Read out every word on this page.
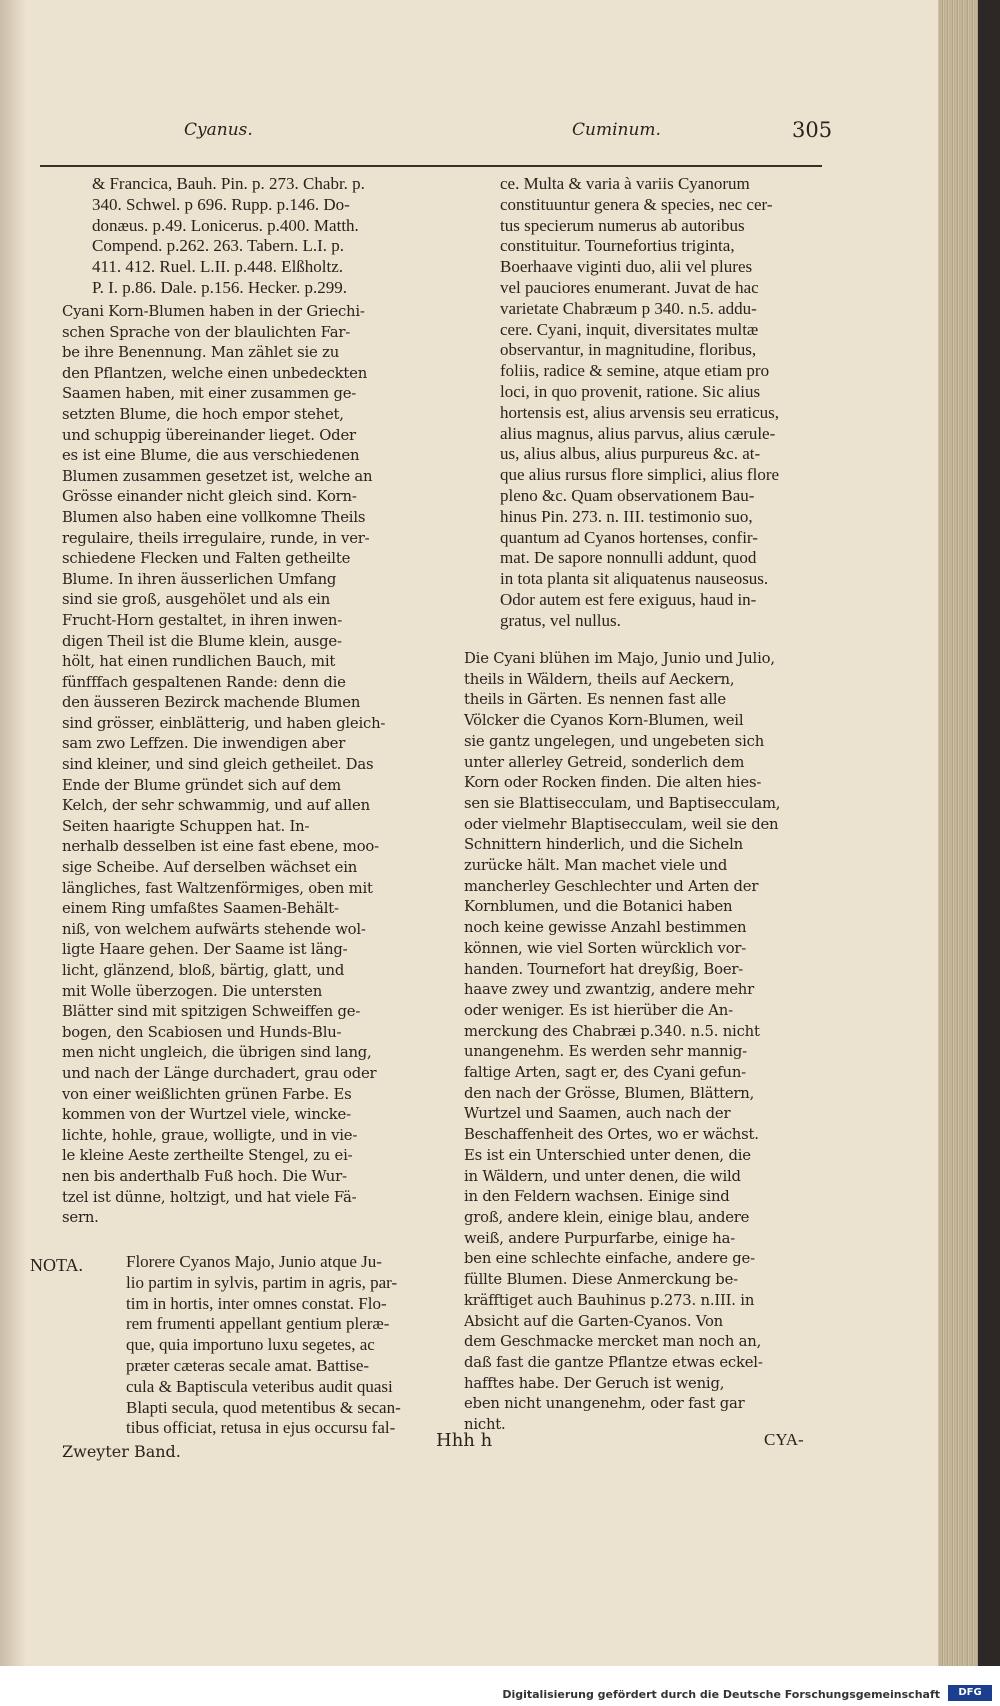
Cyanus.	Cuminum.	305

& Francica, Bauh. Pin. p. 273. Chabr. p.

340. Schwel. p 696. Rupp. p.146. Do-

donæus. p.49. Lonicerus. p.400. Matth.

Compend. p.262. 263. Tabern. L.I. p.

411. 412. Ruel. L.II. p.448. Elßholtz.

P. I. p.86. Dale. p.156. Hecker. p.299.

Cyani Korn-Blumen haben in der Griechi-

schen Sprache von der blaulichten Far-

be ihre Benennung. Man zählet sie zu

den Pflantzen, welche einen unbedeckten

Saamen haben, mit einer zusammen ge-

setzten Blume, die hoch empor stehet,

und schuppig übereinander lieget. Oder

es ist eine Blume, die aus verschiedenen

Blumen zusammen gesetzet ist, welche an

Grösse einander nicht gleich sind. Korn-

Blumen also haben eine vollkomne Theils

regulaire, theils irregulaire, runde, in ver-

schiedene Flecken und Falten getheilte

Blume. In ihren äusserlichen Umfang

sind sie groß, ausgehölet und als ein

Frucht-Horn gestaltet, in ihren inwen-

digen Theil ist die Blume klein, ausge-

hölt, hat einen rundlichen Bauch, mit

fünfffach gespaltenen Rande: denn die

den äusseren Bezirck machende Blumen

sind grösser, einblätterig, und haben gleich-

sam zwo Leffzen. Die inwendigen aber

sind kleiner, und sind gleich getheilet. Das

Ende der Blume gründet sich auf dem

Kelch, der sehr schwammig, und auf allen

Seiten haarigte Schuppen hat. In-

nerhalb desselben ist eine fast ebene, moo-

sige Scheibe. Auf derselben wächset ein

längliches, fast Waltzenförmiges, oben mit

einem Ring umfaßtes Saamen-Behält-

niß, von welchem aufwärts stehende wol-

ligte Haare gehen. Der Saame ist läng-

licht, glänzend, bloß, bärtig, glatt, und

mit Wolle überzogen. Die untersten

Blätter sind mit spitzigen Schweiffen ge-

bogen, den Scabiosen und Hunds-Blu-

men nicht ungleich, die übrigen sind lang,

und nach der Länge durchadert, grau oder

von einer weißlichten grünen Farbe. Es

kommen von der Wurtzel viele, wincke-

lichte, hohle, graue, wolligte, und in vie-

le kleine Aeste zertheilte Stengel, zu ei-

nen bis anderthalb Fuß hoch. Die Wur-

tzel ist dünne, holtzigt, und hat viele Fä-

sern.

NOTA.	Florere Cyanos Majo, Junio atque Ju-

lio partim in sylvis, partim in agris, par-

tim in hortis, inter omnes constat. Flo-

rem frumenti appellant gentium pleræ-

que, quia importuno luxu segetes, ac

præter cæteras secale amat. Battise-

cula & Baptiscula veteribus audit quasi

Blapti secula, quod metentibus & secan-

tibus officiat, retusa in ejus occursu fal-

ce. Multa & varia à variis Cyanorum

constituuntur genera & species, nec cer-

tus specierum numerus ab autoribus

constituitur. Tournefortius triginta,

Boerhaave viginti duo, alii vel plures

vel pauciores enumerant. Juvat de hac

varietate Chabræum p 340. n.5. addu-

cere. Cyani, inquit, diversitates multæ

observantur, in magnitudine, floribus,

foliis, radice & semine, atque etiam pro

loci, in quo provenit, ratione. Sic alius

hortensis est, alius arvensis seu erraticus,

alius magnus, alius parvus, alius cærule-

us, alius albus, alius purpureus &c. at-

que alius rursus flore simplici, alius flore

pleno &c. Quam observationem Bau-

hinus Pin. 273. n. III. testimonio suo,

quantum ad Cyanos hortenses, confir-

mat. De sapore nonnulli addunt, quod

in tota planta sit aliquatenus nauseosus.

Odor autem est fere exiguus, haud in-

gratus, vel nullus.

Die Cyani blühen im Majo, Junio und Julio,

theils in Wäldern, theils auf Aeckern,

theils in Gärten. Es nennen fast alle

Völcker die Cyanos Korn-Blumen, weil

sie gantz ungelegen, und ungebeten sich

unter allerley Getreid, sonderlich dem

Korn oder Rocken finden. Die alten hies-

sen sie Blattisecculam, und Baptisecculam,

oder vielmehr Blaptisecculam, weil sie den

Schnittern hinderlich, und die Sicheln

zurücke hält. Man machet viele und

mancherley Geschlechter und Arten der

Kornblumen, und die Botanici haben

noch keine gewisse Anzahl bestimmen

können, wie viel Sorten würcklich vor-

handen. Tournefort hat dreyßig, Boer-

haave zwey und zwantzig, andere mehr

oder weniger. Es ist hierüber die An-

merckung des Chabræi p.340. n.5. nicht

unangenehm. Es werden sehr mannig-

faltige Arten, sagt er, des Cyani gefun-

den nach der Grösse, Blumen, Blättern,

Wurtzel und Saamen, auch nach der

Beschaffenheit des Ortes, wo er wächst.

Es ist ein Unterschied unter denen, die

in Wäldern, und unter denen, die wild

in den Feldern wachsen. Einige sind

groß, andere klein, einige blau, andere

weiß, andere Purpurfarbe, einige ha-

ben eine schlechte einfache, andere ge-

füllte Blumen. Diese Anmerckung be-

kräfftiget auch Bauhinus p.273. n.III. in

Absicht auf die Garten-Cyanos. Von

dem Geschmacke mercket man noch an,

daß fast die gantze Pflantze etwas eckel-

hafftes habe. Der Geruch ist wenig,

eben nicht unangenehm, oder fast gar

nicht.

Zweyter Band.
Hhh h	CYA-
Digitalisierung gefördert durch die Deutsche Forschungsgemeinschaft	DFG
